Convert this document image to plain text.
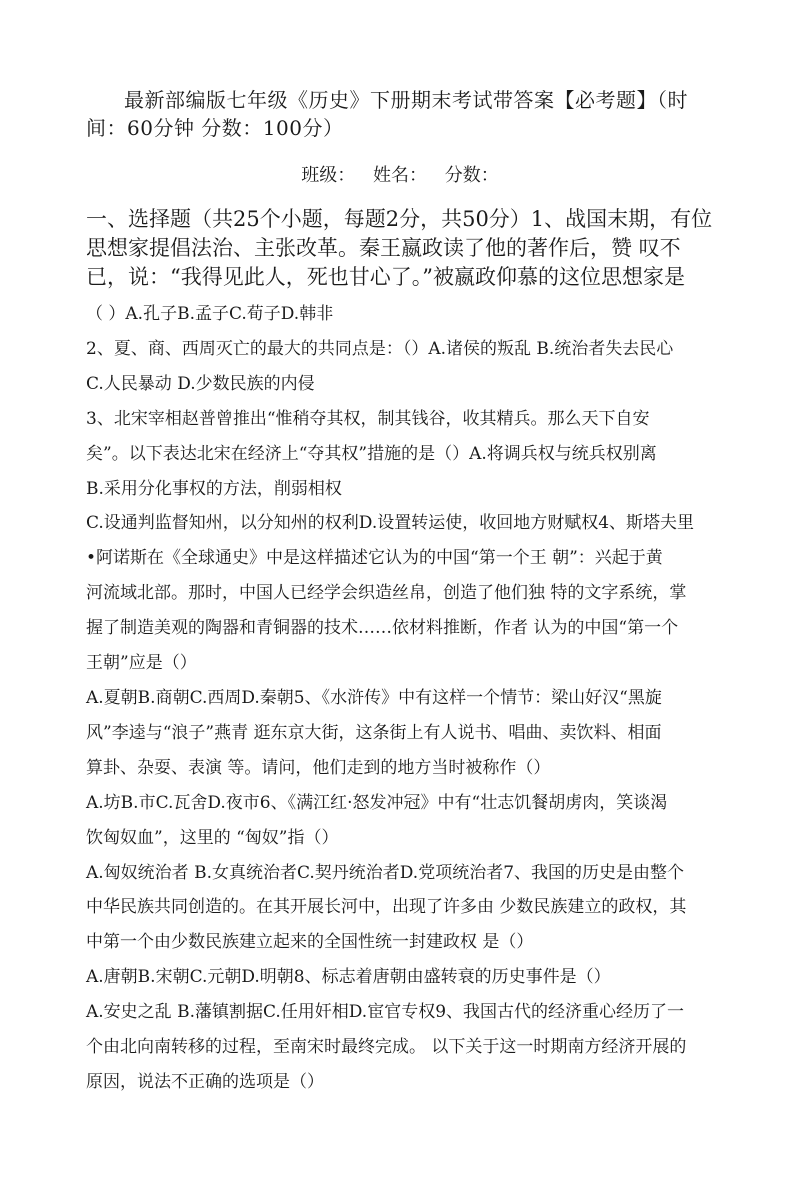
最新部编版七年级《历史》下册期末考试带答案【必考题】（时间：60分钟 分数：100分）
班级： 姓名： 分数：
一、选择题（共25个小题，每题2分，共50分）1、战国末期，有位思想家提倡法治、主张改革。秦王嬴政读了他的著作后，赞 叹不已，说：“我得见此人，死也甘心了。”被嬴政仰慕的这位思想家是

（ ）A.孔子B.孟子C.荀子D.韩非

2、夏、商、西周灭亡的最大的共同点是：（）A.诸侯的叛乱 B.统治者失去民心

C.人民暴动 D.少数民族的内侵

3、北宋宰相赵普曾推出“惟稍夺其权，制其钱谷，收其精兵。那么天下自安

矣”。以下表达北宋在经济上“夺其权”措施的是（）A.将调兵权与统兵权别离

B.采用分化事权的方法，削弱相权

C.设通判监督知州，以分知州的权利D.设置转运使，收回地方财赋权4、斯塔夫里

•阿诺斯在《全球通史》中是这样描述它认为的中国“第一个王 朝”：兴起于黄

河流域北部。那时，中国人已经学会织造丝帛，创造了他们独 特的文字系统，掌

握了制造美观的陶器和青铜器的技术……依材料推断，作者 认为的中国“第一个

王朝”应是（）

A.夏朝B.商朝C.西周D.秦朝5、《水浒传》中有这样一个情节：梁山好汉“黑旋

风”李逵与“浪子”燕青 逛东京大街，这条街上有人说书、唱曲、卖饮料、相面

算卦、杂耍、表演 等。请问，他们走到的地方当时被称作（）

A.坊B.市C.瓦舍D.夜市6、《满江红·怒发冲冠》中有“壮志饥餐胡虏肉，笑谈渴

饮匈奴血”，这里的 “匈奴”指（）

A.匈奴统治者 B.女真统治者C.契丹统治者D.党项统治者7、我国的历史是由整个

中华民族共同创造的。在其开展长河中，出现了许多由 少数民族建立的政权，其

中第一个由少数民族建立起来的全国性统一封建政权 是（）

A.唐朝B.宋朝C.元朝D.明朝8、标志着唐朝由盛转衰的历史事件是（）

A.安史之乱 B.藩镇割据C.任用奸相D.宦官专权9、我国古代的经济重心经历了一

个由北向南转移的过程，至南宋时最终完成。 以下关于这一时期南方经济开展的

原因，说法不正确的选项是（）
